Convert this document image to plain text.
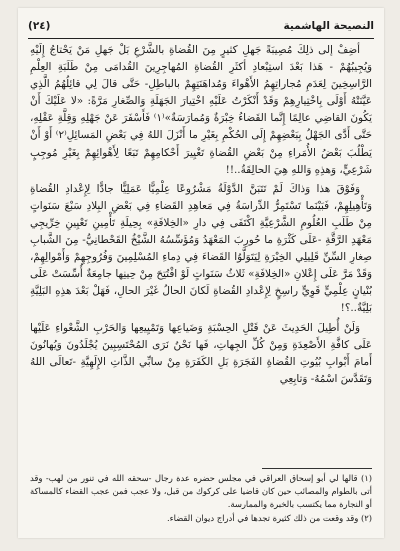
النصيحة الهاشمية
(٢٤)

أضِفْ إلى ذلِكَ مُصِيبَةً جَهلِ كثيرٍ مِنَ القُضاةِ بالشَّرْعِ بَلْ جَهلِ مَنْ يَحْتاجُ إِلَيْهِ وَيُجِيبُهُمْ - هَذا بَعْدَ استِبْعادِ أكثَرِ القُضاةِ المُهاجِرِينَ القُدامَى مِنْ طَلَبَةِ العِلْمِ الرَّاسِخِينَ لِعَدَمِ مُجاراتِهِمُ الأَهْواءَ وَمُداهَنَتِهِمْ بالباطِلِ- حَتَّى قالَ لِي قائِلُهُمُ الَّذِي عَيَّنَتْهُ أَوْلَى بِاخْتِيارِهِمْ وَقَدْ أَنْكَرْتُ عَلَيْهِ اخْتِيارَ الجَهَلَةِ وَالصِّغارِ مَرَّةً: «لا عَلَيْكَ أَنْ يَكُونَ القاضِي عالِمًا إِنَّما القَضاءُ خِبْرَةٌ وَمُمارَسَةٌ»⁽١⁾ فَأَسْفَرَ عَنْ جَهْلِهِ وَقِلَّةِ عَقْلِهِ، حَتَّى أَدَّى الجَهْلُ بِبَعْضِهِمْ إِلَى الحُكْمِ بِغَيْرِ ما أَنْزَلَ اللهُ فِي بَعْضِ المَسائِلِ⁽٢⁾ أَوْ أَنْ يَطْلُبَ بَعْضُ الأُمَراءِ مِنْ بَعْضِ القُضاةِ تَغْيِيرَ أَحْكامِهِمْ تَبَعًا لِأَهْوائِهِمْ بِغَيْرِ مُوجِبٍ شَرْعِيٍّ، وَهذِهِ وَاللهِ هِيَ الحالِقَةُ..!!

وَفَوْقَ هذا وَذاكَ لَمْ تَتَبَنَّ الدَّوْلَةُ مَشْرُوعًا عِلْمِيًّا عَمَلِيًّا جادًّا لِإِعْدادِ القُضاةِ وَتَأْهِيلِهِمْ، فَبَيْنَما تَسْتَمِرُّ الدِّراسَةُ فِي مَعاهِدِ القَضاءِ فِي بَعْضِ البِلادِ سَبْعَ سَنَواتٍ مِنْ طَلَبِ العُلُومِ الشَّرْعِيَّةِ اكْتَفَى فِي دارِ «الخِلافَةِ» بِحِيلَةِ تَأْمِينِ تَعْيِينِ خِرِّيجِي مَعْهَدِ الرَّقَّةِ -عَلَى كَثْرَةِ ما حُورِبَ المَعْهَدُ وَمُؤَسِّسُهُ الشَّيْخُ القَحْطانِيُّ- مِنَ الشَّبابِ صِغارِ السِّنِّ قَلِيلِي الخِبْرَةِ لِيَتَوَلَّوُا القَضاءَ فِي دِماءِ المُسْلِمِينَ وَفُرُوجِهِمْ وَأَمْوالِهِمْ، وَقَدْ مَرَّ عَلَى إِعْلانِ «الخِلافَةِ» ثَلاثُ سَنَواتٍ لَوْ افْتُتِحَ مِنْ حِينِها جامِعَةٌ أُسِّسَتْ عَلَى بُنْيانٍ عِلْمِيٍّ قَوِيٍّ راسِخٍ لِإِعْدادِ القُضاةِ لَكانَ الحالُ غَيْرَ الحالِ، فَهَلْ بَعْدَ هذِهِ البَلِيَّةِ بَلِيَّةٌ..؟!

وَلَنْ أُطِيلَ الحَدِيثَ عَنْ قَتْلِ الحِسْبَةِ وَضَياعِها وَتَمْيِيعِها وَالحَرْبِ الشَّعْواءِ عَلَيْها عَلَى كافَّةِ الأَصْعِدَةِ وَمِنْ كُلِّ الجِهاتِ، فَها نَحْنُ نَرَى المُحْتَسِبِينَ يُجْلَدُونَ وَيُهانُونَ أَمامَ أَبْوابِ بُيُوتِ القُضاةِ الفَجَرَةِ بَلِ الكَفَرَةِ مِنْ سابِّي الذَّاتِ الإِلَهِيَّةِ -تَعالَى اللهُ وَتَقَدَّسَ اسْمُهُ- وَتابِعِي

(١) قالها لي أبو إسحاق العراقي في مجلس حضره عدة رجال -سحقه الله في تنور من لهب- وقد أتى بالطوام والمصائب حين كان قاضيا على كركوك من قبل، ولا عجب فمن عجب القضاء كالمساكة أو النجارة مما يكتسب بالخبرة والممارسة.

(٢) وقد وقعت من ذلك كثيرة تجدها في أدراج ديوان القضاء.
